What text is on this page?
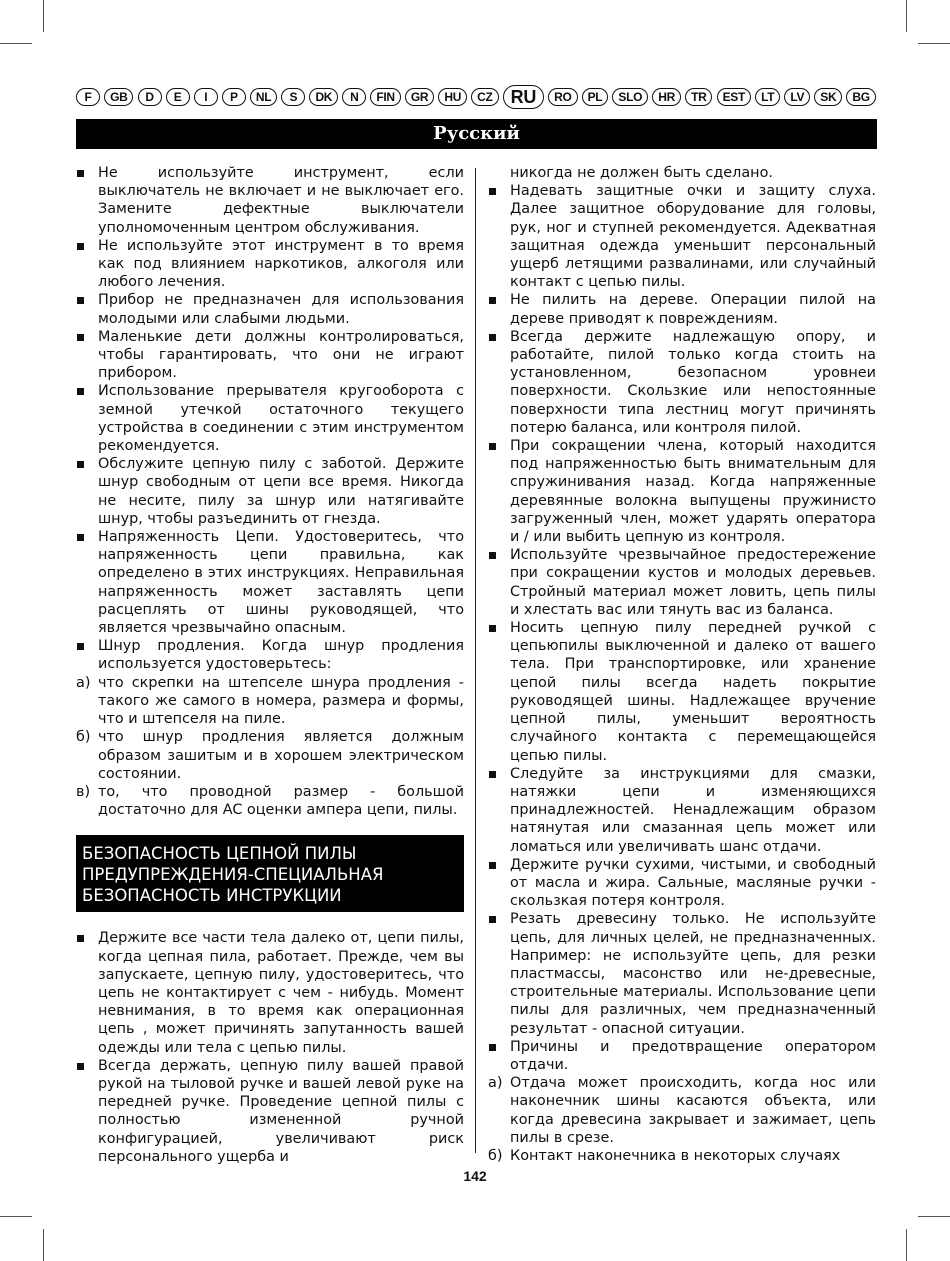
F	GB	D	E	I	P	NL	S	DK	N	FIN	GR	HU	CZ	RU	RO	PL	SLO	HR	TR	EST	LT	LV	SK	BG
Русский

Не используйте инструмент, если выключатель не включает и не выключает его. Замените дефектные выключатели уполномоченным центром обслуживания.

Не используйте этот инструмент в то время как под влиянием наркотиков, алкоголя или любого лечения.

Прибор не предназначен для использования молодыми или слабыми людьми.

Маленькие дети должны контролироваться, чтобы гарантировать, что они не играют прибором.

Использование прерывателя кругооборота с земной утечкой остаточного текущего устройства в соединении с этим инструментом рекомендуется.

Обслужите цепную пилу с заботой. Держите шнур свободным от цепи все время. Никогда не несите, пилу за шнур или натягивайте шнур, чтобы разъединить от гнезда.

Напряженность Цепи. Удостоверитесь, что напряженность цепи правильна, как определено в этих инструкциях. Неправильная напряженность может заставлять цепи расцеплять от шины руководящей, что является чрезвычайно опасным.

Шнур продления. Когда шнур продления используется удостоверьтесь:

а) что скрепки на штепселе шнура продления - такого же самого в номера, размера и формы, что и штепселя на пиле.

б) что шнур продления является должным образом зашитым и в хорошем электрическом состоянии.

в) то, что проводной размер - большой достаточно для AC оценки ампера цепи, пилы.

БЕЗОПАСНОСТЬ ЦЕПНОЙ ПИЛЫ
ПРЕДУПРЕЖДЕНИЯ-СПЕЦИАЛЬНАЯ
БЕЗОПАСНОСТЬ ИНСТРУКЦИИ

Держите все части тела далеко от, цепи пилы, когда цепная пила, работает. Прежде, чем вы запускаете, цепную пилу, удостоверитесь, что цепь не контактирует с чем - нибудь. Момент невнимания, в то время как операционная цепь , может причинять запутанность вашей одежды или тела с цепью пилы.

Всегда держать, цепную пилу вашей правой рукой на тыловой ручке и вашей левой руке на передней ручке. Проведение цепной пилы с полностью измененной ручной конфигурацией, увеличивают риск персонального ущерба и

никогда не должен быть сделано.

Надевать защитные очки и защиту слуха. Далее защитное оборудование для головы, рук, ног и ступней рекомендуется. Адекватная защитная одежда уменьшит персональный ущерб летящими развалинами, или случайный контакт с цепью пилы.

Не пилить на дереве. Операции пилой на дереве приводят к повреждениям.

Всегда держите надлежащую опору, и работайте, пилой только когда стоить на установленном, безопасном уровнеи поверхности. Скользкие или непостоянные поверхности типа лестниц могут причинять потерю баланса, или контроля пилой.

При сокращении члена, который находится под напряженностью быть внимательным для спружинивания назад. Когда напряженные деревянные волокна выпущены пружинисто загруженный член, может ударять оператора и / или выбить цепную из контроля.

Используйте чрезвычайное предостережение при сокращении кустов и молодых деревьев. Стройный материал может ловить, цепь пилы и хлестать вас или тянуть вас из баланса.

Носить цепную пилу передней ручкой с цепьюпилы выключенной и далеко от вашего тела. При транспортировке, или хранение цепой пилы всегда надеть покрытие руководящей шины. Надлежащее вручение цепной пилы, уменьшит вероятность случайного контакта с перемещающейся цепью пилы.

Следуйте за инструкциями для смазки, натяжки цепи и изменяющихся принадлежностей. Ненадлежащим образом натянутая или смазанная цепь может или ломаться или увеличивать шанс отдачи.

Держите ручки сухими, чистыми, и свободный от масла и жира. Сальные, масляные ручки - скользкая потеря контроля.

Резать древесину только. Не используйте цепь, для личных целей, не предназначенных. Например: не используйте цепь, для резки пластмассы, масонство или не-древесные, строительные материалы. Использование цепи пилы для различных, чем предназначенный результат - опасной ситуации.

Причины и предотвращение оператором отдачи.

а) Отдача может происходить, когда нос или наконечник шины касаются объекта, или когда древесина закрывает и зажимает, цепь пилы в срезе.

б) Контакт наконечника в некоторых случаях

142
